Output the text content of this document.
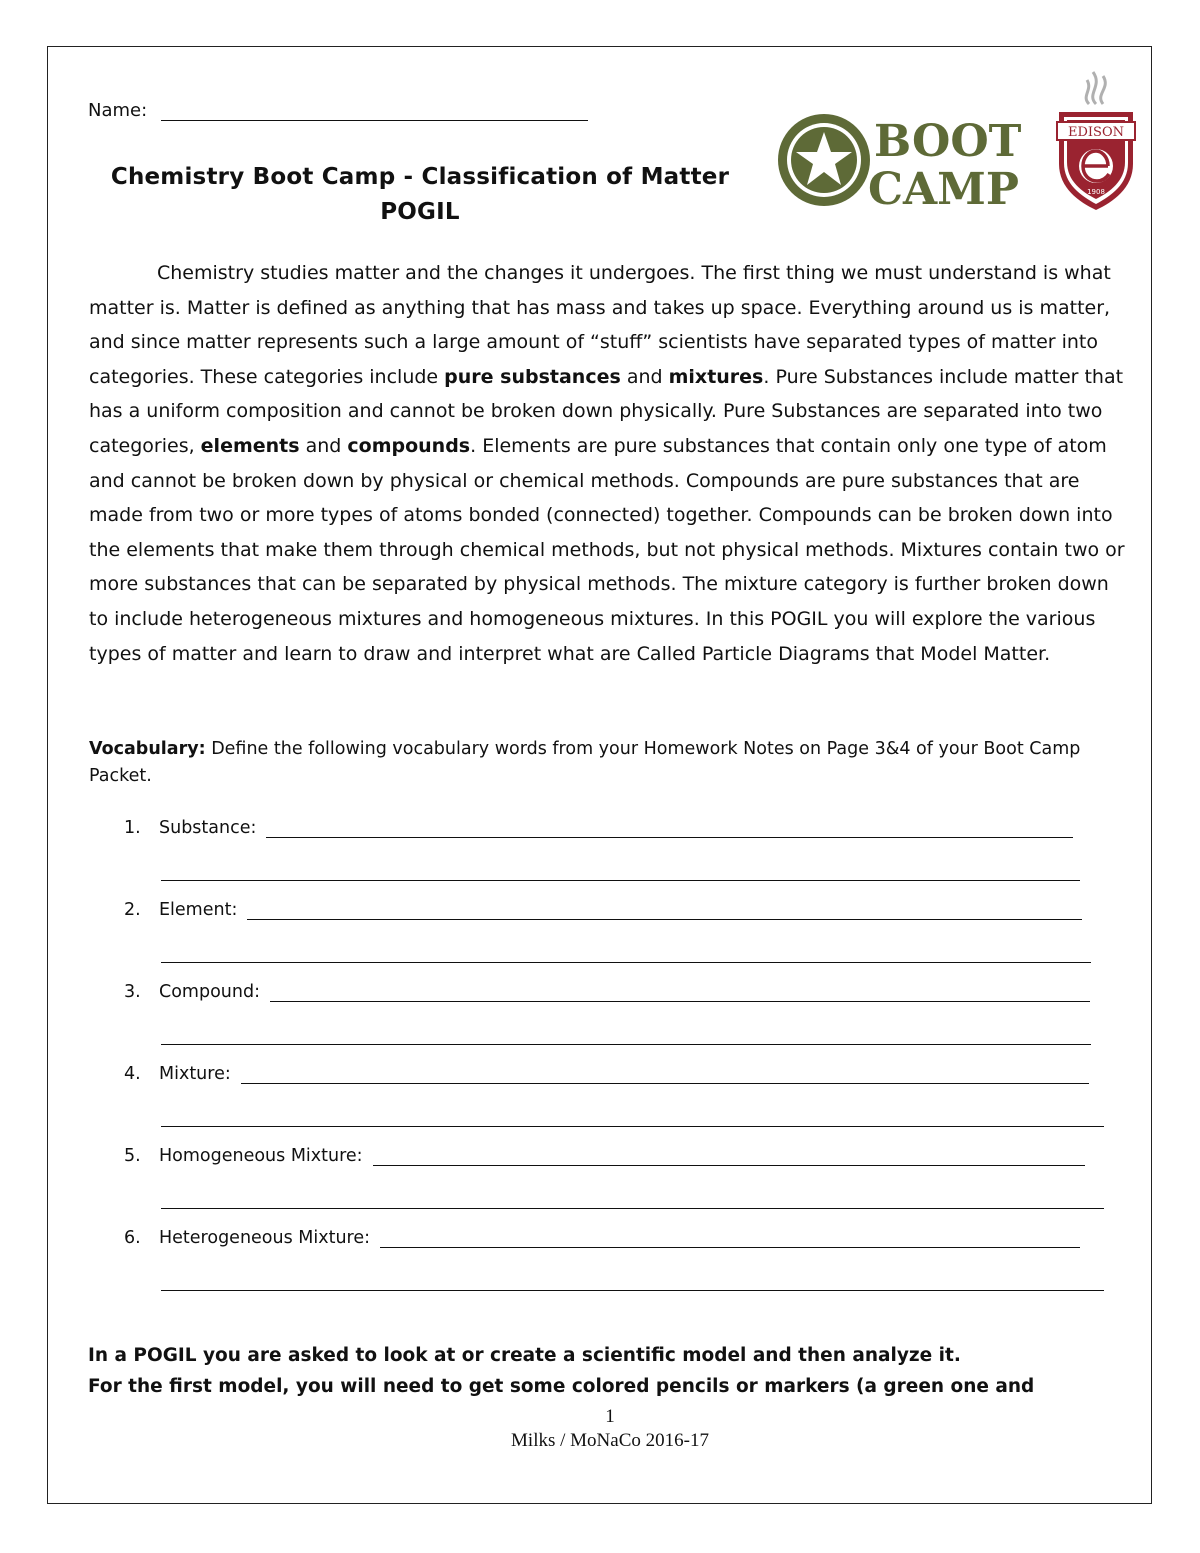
Name:
Chemistry Boot Camp - Classification of Matter
POGIL
BOOT
CAMP
EDISON
1908

Chemistry studies matter and the changes it undergoes. The first thing we must understand is what matter is. Matter is defined as anything that has mass and takes up space. Everything around us is matter, and since matter represents such a large amount of “stuff” scientists have separated types of matter into categories. These categories include pure substances and mixtures. Pure Substances include matter that has a uniform composition and cannot be broken down physically. Pure Substances are separated into two categories, elements and compounds. Elements are pure substances that contain only one type of atom and cannot be broken down by physical or chemical methods. Compounds are pure substances that are made from two or more types of atoms bonded (connected) together. Compounds can be broken down into the elements that make them through chemical methods, but not physical methods. Mixtures contain two or more substances that can be separated by physical methods. The mixture category is further broken down to include heterogeneous mixtures and homogeneous mixtures. In this POGIL you will explore the various types of matter and learn to draw and interpret what are Called Particle Diagrams that Model Matter.

Vocabulary: Define the following vocabulary words from your Homework Notes on Page 3&4 of your Boot Camp Packet.

1.	Substance:
2.	Element:
3.	Compound:
4.	Mixture:
5.	Homogeneous Mixture:
6.	Heterogeneous Mixture:
In a POGIL you are asked to look at or create a scientific model and then analyze it.
For the first model, you will need to get some colored pencils or markers (a green one and
1
Milks / MoNaCo 2016-17
